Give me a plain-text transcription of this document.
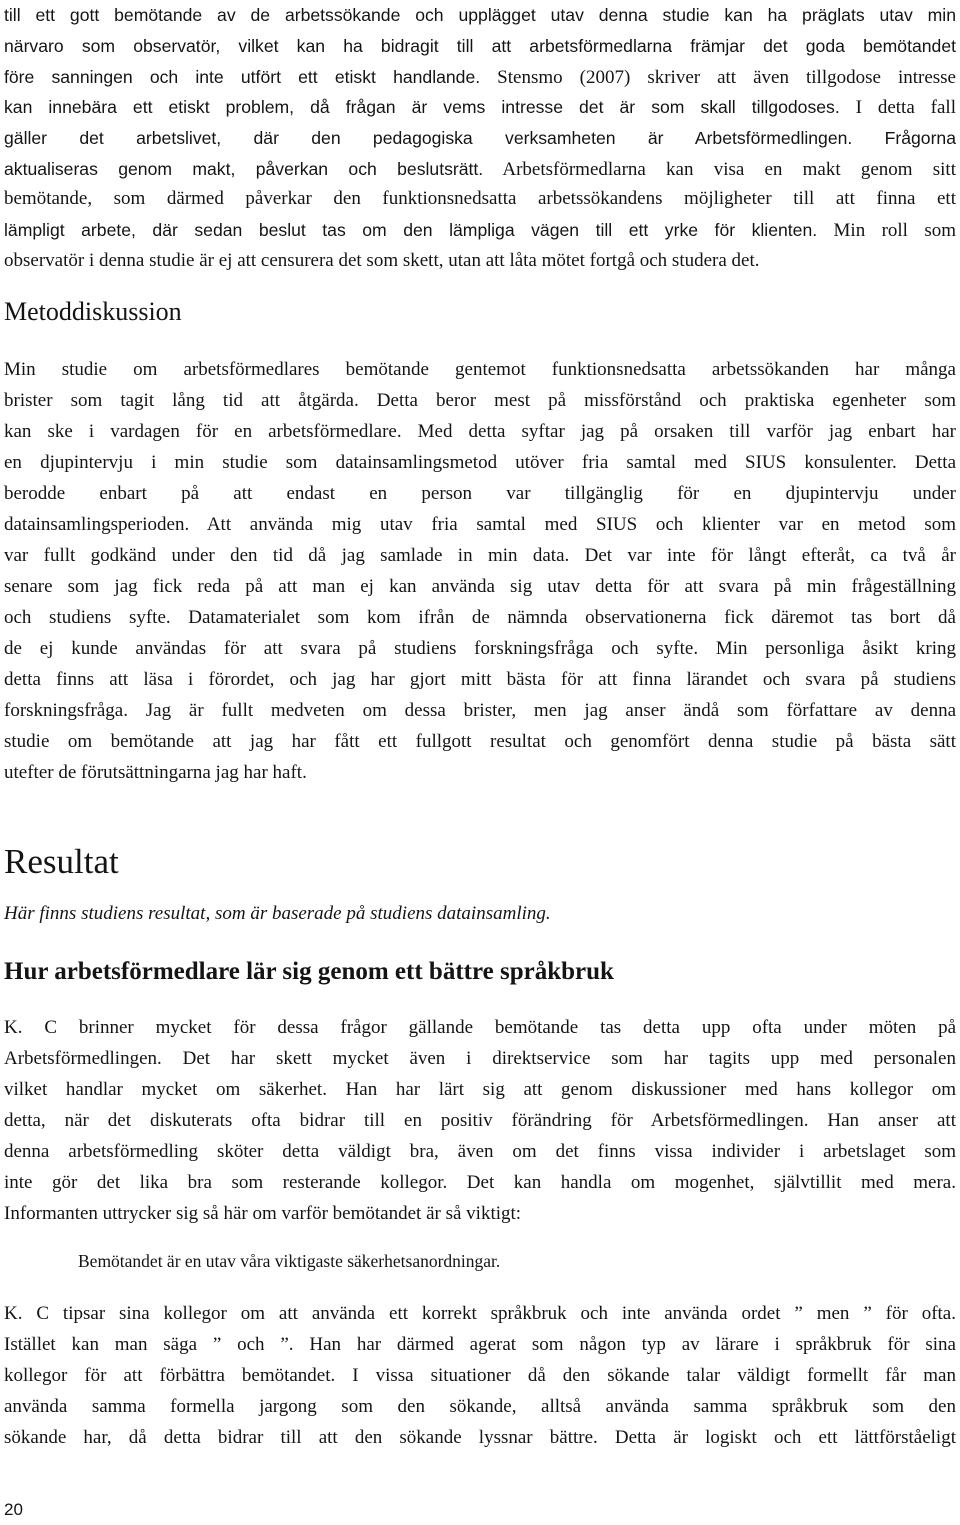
till ett gott bemötande av de arbetssökande och upplägget utav denna studie kan ha präglats utav min
närvaro som observatör, vilket kan ha bidragit till att arbetsförmedlarna främjar det goda bemötandet
före sanningen och inte utfört ett etiskt handlande. Stensmo (2007) skriver att även tillgodose intresse
kan innebära ett etiskt problem, då frågan är vems intresse det är som skall tillgodoses. I detta fall
gäller det arbetslivet, där den pedagogiska verksamheten är Arbetsförmedlingen. Frågorna
aktualiseras genom makt, påverkan och beslutsrätt. Arbetsförmedlarna kan visa en makt genom sitt
bemötande, som därmed påverkar den funktionsnedsatta arbetssökandens möjligheter till att finna ett
lämpligt arbete, där sedan beslut tas om den lämpliga vägen till ett yrke för klienten. Min roll som
observatör i denna studie är ej att censurera det som skett, utan att låta mötet fortgå och studera det.
Metoddiskussion
Min studie om arbetsförmedlares bemötande gentemot funktionsnedsatta arbetssökanden har många
brister som tagit lång tid att åtgärda. Detta beror mest på missförstånd och praktiska egenheter som
kan ske i vardagen för en arbetsförmedlare. Med detta syftar jag på orsaken till varför jag enbart har
en djupintervju i min studie som datainsamlingsmetod utöver fria samtal med SIUS konsulenter. Detta
berodde enbart på att endast en person var tillgänglig för en djupintervju under
datainsamlingsperioden. Att använda mig utav fria samtal med SIUS och klienter var en metod som
var fullt godkänd under den tid då jag samlade in min data. Det var inte för långt efteråt, ca två år
senare som jag fick reda på att man ej kan använda sig utav detta för att svara på min frågeställning
och studiens syfte. Datamaterialet som kom ifrån de nämnda observationerna fick däremot tas bort då
de ej kunde användas för att svara på studiens forskningsfråga och syfte. Min personliga åsikt kring
detta finns att läsa i förordet, och jag har gjort mitt bästa för att finna lärandet och svara på studiens
forskningsfråga. Jag är fullt medveten om dessa brister, men jag anser ändå som författare av denna
studie om bemötande att jag har fått ett fullgott resultat och genomfört denna studie på bästa sätt
utefter de förutsättningarna jag har haft.
Resultat
Här finns studiens resultat, som är baserade på studiens datainsamling.
Hur arbetsförmedlare lär sig genom ett bättre språkbruk
K. C brinner mycket för dessa frågor gällande bemötande tas detta upp ofta under möten på
Arbetsförmedlingen. Det har skett mycket även i direktservice som har tagits upp med personalen
vilket handlar mycket om säkerhet. Han har lärt sig att genom diskussioner med hans kollegor om
detta, när det diskuterats ofta bidrar till en positiv förändring för Arbetsförmedlingen. Han anser att
denna arbetsförmedling sköter detta väldigt bra, även om det finns vissa individer i arbetslaget som
inte gör det lika bra som resterande kollegor. Det kan handla om mogenhet, självtillit med mera.
Informanten uttrycker sig så här om varför bemötandet är så viktigt:
Bemötandet är en utav våra viktigaste säkerhetsanordningar.
K. C tipsar sina kollegor om att använda ett korrekt språkbruk och inte använda ordet ” men ” för ofta.
Istället kan man säga ” och ”. Han har därmed agerat som någon typ av lärare i språkbruk för sina
kollegor för att förbättra bemötandet. I vissa situationer då den sökande talar väldigt formellt får man
använda samma formella jargong som den sökande, alltså använda samma språkbruk som den
sökande har, då detta bidrar till att den sökande lyssnar bättre. Detta är logiskt och ett lättförståeligt
20
